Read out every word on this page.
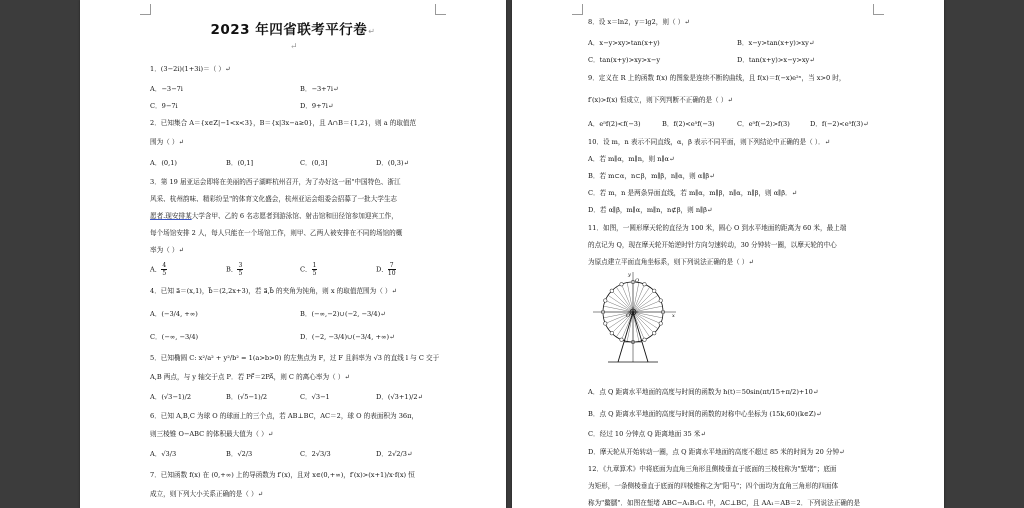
2023 年四省联考平行卷↵
↵
1．(3−2i)(1+3i)＝（ ）↵
A．−3−7i	B．−3+7i↵
C．9−7i	D．9+7i↵
2．已知集合 A＝{x∈Z|−1<x<3}，B＝{x|3x−a≥0}，且 A∩B＝{1,2}，则 a 的取值范
围为（ ）↵
A．(0,1)	B．(0,1]	C．(0,3]	D．(0,3)↵
3．第 19 届亚运会即将在美丽的西子湖畔杭州召开，为了办好这一届"中国特色、浙江
风采、杭州韵味、精彩纷呈"的体育文化盛会，杭州亚运会组委会招募了一批大学生志
愿者.现安排某大学含甲、乙的 6 名志愿者到游泳馆、射击馆和田径馆参加迎宾工作，
每个场馆安排 2 人，每人只能在一个场馆工作，则甲、乙两人被安排在不同的场馆的概
率为（ ）↵
A． $\frac{4}{5}$	B． $\frac{3}{5}$	C． $\frac{1}{5}$	D． $\frac{7}{10}$
4．已知 a⃗＝(x,1)，b⃗＝(2,2x+3)，若 a⃗,b⃗ 的夹角为钝角，则 x 的取值范围为（ ）↵
A．(−3/4, +∞)	B．(−∞,−2)∪(−2, −3/4)↵
C．(−∞, −3/4)	D．(−2, −3/4)∪(−3/4, +∞)↵
5．已知椭圆 C: x²/a² + y²/b² = 1(a>b>0) 的左焦点为 F，过 F 且斜率为 √3 的直线 l 与 C 交于
A,B 两点，与 y 轴交于点 P．若 PF⃗＝2PA⃗，则 C 的离心率为（ ）↵
A．(√3−1)/2	B．(√5−1)/2	C．√3−1	D．(√3+1)/2↵
6．已知 A,B,C 为球 O 的球面上的三个点，若 AB⊥BC，AC＝2，球 O 的表面积为 36π，
则三棱锥 O−ABC 的体积最大值为（ ）↵
A．√3/3	B．√2/3	C．2√3/3	D．2√2/3↵
7．已知函数 f(x) 在 (0,+∞) 上的导函数为 f′(x)，且对 x∈(0,+∞)，f′(x)>(x+1)/x·f(x) 恒
成立，则下列大小关系正确的是（ ）↵
8．设 x＝ln2，y＝lg2，则（ ）↵
A．x−y>xy>tan(x+y)	B．x−y>tan(x+y)>xy↵
C．tan(x+y)>xy>x−y	D．tan(x+y)>x−y>xy↵
9．定义在 R 上的函数 f(x) 的图象是连续不断的曲线，且 f(x)＝f(−x)e²ˣ，当 x>0 时，
f′(x)>f(x) 恒成立，则下列判断不正确的是（ ）↵
A．e⁵f(2)<f(−3)	B．f(2)<e⁵f(−3)	C．e⁵f(−2)>f(3)	D．f(−2)<e⁵f(3)↵
10．设 m，n 表示不同直线，α，β 表示不同平面，则下列结论中正确的是（ ）．↵
A．若 m∥α，m∥n，则 n∥α↵
B．若 m⊂α，n⊂β，m∥β，n∥α，则 α∥β↵
C．若 m，n 是两条异面直线，若 m∥α，m∥β，n∥α，n∥β，则 α∥β．↵
D．若 α∥β，m∥α，m∥n，n⊄β，则 n∥β↵
11．如图，一圆形摩天轮的直径为 100 米，圆心 O 到水平地面的距离为 60 米，最上端
的点记为 Q，现在摩天轮开始逆时针方向匀速转动，30 分钟转一圈，以摩天轮的中心
为原点建立平面直角坐标系，则下列说法正确的是（ ）↵
y
Q
O	x
A．点 Q 距离水平地面的高度与时间的函数为 h(t)＝50sin(πt/15+π/2)+10↵
B．点 Q 距离水平地面的高度与时间的函数的对称中心坐标为 (15k,60)(k∈Z)↵
C．经过 10 分钟点 Q 距离地面 35 米↵
D．摩天轮从开始转动一圈，点 Q 距离水平地面的高度不超过 85 米的时间为 20 分钟↵
12．《九章算术》中将底面为直角三角形且侧棱垂直于底面的三棱柱称为"堑堵"；底面
为矩形，一条侧棱垂直于底面的四棱锥称之为"阳马"；四个面均为直角三角形的四面体
称为"鳖臑"．如图在堑堵 ABC−A₁B₁C₁ 中，AC⊥BC，且 AA₁＝AB＝2．下列说法正确的是
